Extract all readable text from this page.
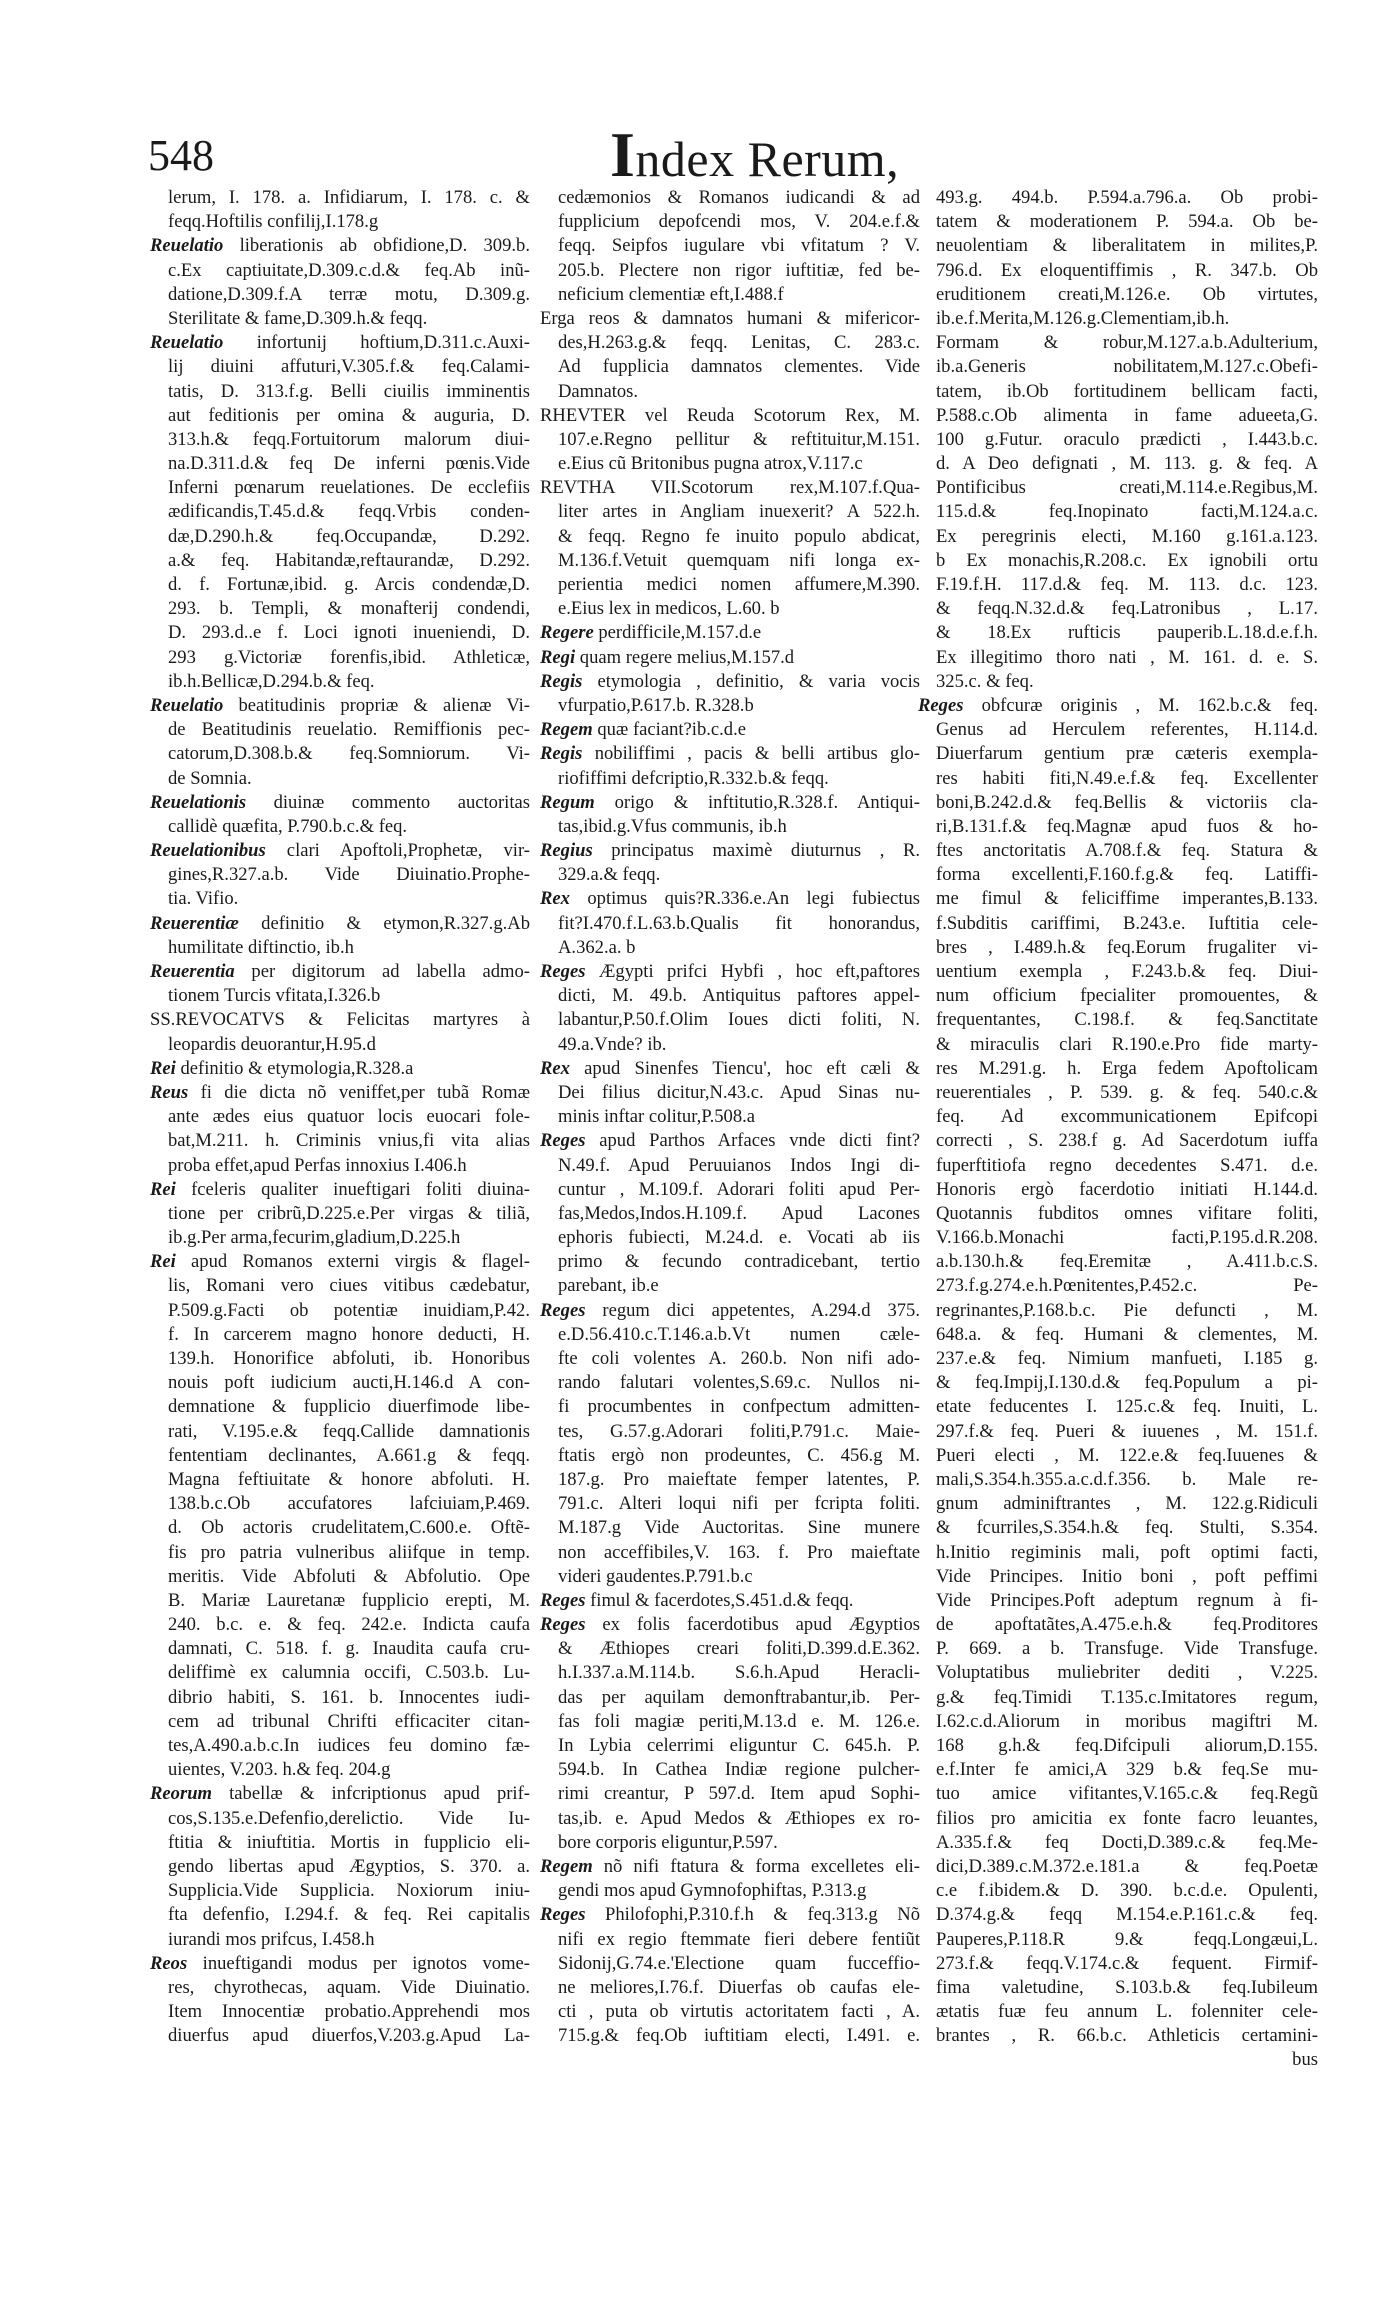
548	Index Rerum,
lerum, I. 178. a. Infidiarum, I. 178. c. &
feqq.Hoftilis confilij,I.178.g
Reuelatio liberationis ab obfidione,D. 309.b.
c.Ex captiuitate,D.309.c.d.& feq.Ab inũ-
datione,D.309.f.A terræ motu, D.309.g.
Sterilitate & fame,D.309.h.& feqq.
Reuelatio infortunij hoftium,D.311.c.Auxi-
lij diuini affuturi,V.305.f.& feq.Calami-
tatis, D. 313.f.g. Belli ciuilis imminentis
aut feditionis per omina & auguria, D.
313.h.& feqq.Fortuitorum malorum diui-
na.D.311.d.& feq De inferni pœnis.Vide
Inferni pœnarum reuelationes. De ecclefiis
ædificandis,T.45.d.& feqq.Vrbis conden-
dæ,D.290.h.& feq.Occupandæ, D.292.
a.& feq. Habitandæ,reftaurandæ, D.292.
d. f. Fortunæ,ibid. g. Arcis condendæ,D.
293. b. Templi, & monafterij condendi,
D. 293.d..e f. Loci ignoti inueniendi, D.
293 g.Victoriæ forenfis,ibid. Athleticæ,
ib.h.Bellicæ,D.294.b.& feq.
Reuelatio beatitudinis propriæ & alienæ Vi-
de Beatitudinis reuelatio. Remiffionis pec-
catorum,D.308.b.& feq.Somniorum. Vi-
de Somnia.
Reuelationis diuinæ commento auctoritas
callidè quæfita, P.790.b.c.& feq.
Reuelationibus clari Apoftoli,Prophetæ, vir-
gines,R.327.a.b. Vide Diuinatio.Prophe-
tia. Vifio.
Reuerentiæ definitio & etymon,R.327.g.Ab
humilitate diftinctio, ib.h
Reuerentia per digitorum ad labella admo-
tionem Turcis vfitata,I.326.b
SS.REVOCATVS & Felicitas martyres à
leopardis deuorantur,H.95.d
Rei definitio & etymologia,R.328.a
Reus fi die dicta nõ veniffet,per tubã Romæ
ante ædes eius quatuor locis euocari fole-
bat,M.211. h. Criminis vnius,fi vita alias
proba effet,apud Perfas innoxius I.406.h
Rei fceleris qualiter inueftigari foliti diuina-
tione per cribrũ,D.225.e.Per virgas & tiliã,
ib.g.Per arma,fecurim,gladium,D.225.h
Rei apud Romanos externi virgis & flagel-
lis, Romani vero ciues vitibus cædebatur,
P.509.g.Facti ob potentiæ inuidiam,P.42.
f. In carcerem magno honore deducti, H.
139.h. Honorifice abfoluti, ib. Honoribus
nouis poft iudicium aucti,H.146.d A con-
demnatione & fupplicio diuerfimode libe-
rati, V.195.e.& feqq.Callide damnationis
fententiam declinantes, A.661.g & feqq.
Magna feftiuitate & honore abfoluti. H.
138.b.c.Ob accufatores lafciuiam,P.469.
d. Ob actoris crudelitatem,C.600.e. Oftẽ-
fis pro patria vulneribus aliifque in temp.
meritis. Vide Abfoluti & Abfolutio. Ope
B. Mariæ Lauretanæ fupplicio erepti, M.
240. b.c. e. & feq. 242.e. Indicta caufa
damnati, C. 518. f. g. Inaudita caufa cru-
deliffimè ex calumnia occifi, C.503.b. Lu-
dibrio habiti, S. 161. b. Innocentes iudi-
cem ad tribunal Chrifti efficaciter citan-
tes,A.490.a.b.c.In iudices feu domino fæ-
uientes, V.203. h.& feq. 204.g
Reorum tabellæ & infcriptionus apud prif-
cos,S.135.e.Defenfio,derelictio. Vide Iu-
ftitia & iniuftitia. Mortis in fupplicio eli-
gendo libertas apud Ægyptios, S. 370. a.
Supplicia.Vide Supplicia. Noxiorum iniu-
fta defenfio, I.294.f. & feq. Rei capitalis
iurandi mos prifcus, I.458.h
Reos inueftigandi modus per ignotos vome-
res, chyrothecas, aquam. Vide Diuinatio.
Item Innocentiæ probatio.Apprehendi mos
diuerfus apud diuerfos,V.203.g.Apud La-
cedæmonios & Romanos iudicandi & ad
fupplicium depofcendi mos, V. 204.e.f.&
feqq. Seipfos iugulare vbi vfitatum ? V.
205.b. Plectere non rigor iuftitiæ, fed be-
neficium clementiæ eft,I.488.f
Erga reos & damnatos humani & mifericor-
des,H.263.g.& feqq. Lenitas, C. 283.c.
Ad fupplicia damnatos clementes. Vide
Damnatos.
RHEVTER vel Reuda Scotorum Rex, M.
107.e.Regno pellitur & reftituitur,M.151.
e.Eius cũ Britonibus pugna atrox,V.117.c
REVTHA VII.Scotorum rex,M.107.f.Qua-
liter artes in Angliam inuexerit? A 522.h.
& feqq. Regno fe inuito populo abdicat,
M.136.f.Vetuit quemquam nifi longa ex-
perientia medici nomen affumere,M.390.
e.Eius lex in medicos, L.60. b
Regere perdifficile,M.157.d.e
Regi quam regere melius,M.157.d
Regis etymologia , definitio, & varia vocis
vfurpatio,P.617.b. R.328.b
Regem quæ faciant?ib.c.d.e
Regis nobiliffimi , pacis & belli artibus glo-
riofiffimi defcriptio,R.332.b.& feqq.
Regum origo & inftitutio,R.328.f. Antiqui-
tas,ibid.g.Vfus communis, ib.h
Regius principatus maximè diuturnus , R.
329.a.& feqq.
Rex optimus quis?R.336.e.An legi fubiectus
fit?I.470.f.L.63.b.Qualis fit honorandus,
A.362.a. b
Reges Ægypti prifci Hybfi , hoc eft,paftores
dicti, M. 49.b. Antiquitus paftores appel-
labantur,P.50.f.Olim Ioues dicti foliti, N.
49.a.Vnde? ib.
Rex apud Sinenfes Tiencu', hoc eft cæli &
Dei filius dicitur,N.43.c. Apud Sinas nu-
minis inftar colitur,P.508.a
Reges apud Parthos Arfaces vnde dicti fint?
N.49.f. Apud Peruuianos Indos Ingi di-
cuntur , M.109.f. Adorari foliti apud Per-
fas,Medos,Indos.H.109.f. Apud Lacones
ephoris fubiecti, M.24.d. e. Vocati ab iis
primo & fecundo contradicebant, tertio
parebant, ib.e
Reges regum dici appetentes, A.294.d 375.
e.D.56.410.c.T.146.a.b.Vt numen cæle-
fte coli volentes A. 260.b. Non nifi ado-
rando falutari volentes,S.69.c. Nullos ni-
fi procumbentes in confpectum admitten-
tes, G.57.g.Adorari foliti,P.791.c. Maie-
ftatis ergò non prodeuntes, C. 456.g M.
187.g. Pro maieftate femper latentes, P.
791.c. Alteri loqui nifi per fcripta foliti.
M.187.g Vide Auctoritas. Sine munere
non acceffibiles,V. 163. f. Pro maieftate
videri gaudentes.P.791.b.c
Reges fimul & facerdotes,S.451.d.& feqq.
Reges ex folis facerdotibus apud Ægyptios
& Æthiopes creari foliti,D.399.d.E.362.
h.I.337.a.M.114.b. S.6.h.Apud Heracli-
das per aquilam demonftrabantur,ib. Per-
fas foli magiæ periti,M.13.d e. M. 126.e.
In Lybia celerrimi eliguntur C. 645.h. P.
594.b. In Cathea Indiæ regione pulcher-
rimi creantur, P 597.d. Item apud Sophi-
tas,ib. e. Apud Medos & Æthiopes ex ro-
bore corporis eliguntur,P.597.
Regem nõ nifi ftatura & forma excelletes eli-
gendi mos apud Gymnofophiftas, P.313.g
Reges Philofophi,P.310.f.h & feq.313.g Nõ
nifi ex regio ftemmate fieri debere fentiũt
Sidonij,G.74.e.'Electione quam fucceffio-
ne meliores,I.76.f. Diuerfas ob caufas ele-
cti , puta ob virtutis actoritatem facti , A.
715.g.& feq.Ob iuftitiam electi, I.491. e.
493.g. 494.b. P.594.a.796.a. Ob probi-
tatem & moderationem P. 594.a. Ob be-
neuolentiam & liberalitatem in milites,P.
796.d. Ex eloquentiffimis , R. 347.b. Ob
eruditionem creati,M.126.e. Ob virtutes,
ib.e.f.Merita,M.126.g.Clementiam,ib.h.
Formam & robur,M.127.a.b.Adulterium,
ib.a.Generis nobilitatem,M.127.c.Obefi-
tatem, ib.Ob fortitudinem bellicam facti,
P.588.c.Ob alimenta in fame adueeta,G.
100 g.Futur. oraculo prædicti , I.443.b.c.
d. A Deo defignati , M. 113. g. & feq. A
Pontificibus creati,M.114.e.Regibus,M.
115.d.& feq.Inopinato facti,M.124.a.c.
Ex peregrinis electi, M.160 g.161.a.123.
b Ex monachis,R.208.c. Ex ignobili ortu
F.19.f.H. 117.d.& feq. M. 113. d.c. 123.
& feqq.N.32.d.& feq.Latronibus , L.17.
& 18.Ex rufticis pauperib.L.18.d.e.f.h.
Ex illegitimo thoro nati , M. 161. d. e. S.
325.c. & feq.
Reges obfcuræ originis , M. 162.b.c.& feq.
Genus ad Herculem referentes, H.114.d.
Diuerfarum gentium præ cæteris exempla-
res habiti fiti,N.49.e.f.& feq. Excellenter
boni,B.242.d.& feq.Bellis & victoriis cla-
ri,B.131.f.& feq.Magnæ apud fuos & ho-
ftes anctoritatis A.708.f.& feq. Statura &
forma excellenti,F.160.f.g.& feq. Latiffi-
me fimul & feliciffime imperantes,B.133.
f.Subditis cariffimi, B.243.e. Iuftitia cele-
bres , I.489.h.& feq.Eorum frugaliter vi-
uentium exempla , F.243.b.& feq. Diui-
num officium fpecialiter promouentes, &
frequentantes, C.198.f. & feq.Sanctitate
& miraculis clari R.190.e.Pro fide marty-
res M.291.g. h. Erga fedem Apoftolicam
reuerentiales , P. 539. g. & feq. 540.c.&
feq. Ad excommunicationem Epifcopi
correcti , S. 238.f g. Ad Sacerdotum iuffa
fuperftitiofa regno decedentes S.471. d.e.
Honoris ergò facerdotio initiati H.144.d.
Quotannis fubditos omnes vifitare foliti,
V.166.b.Monachi facti,P.195.d.R.208.
a.b.130.h.& feq.Eremitæ , A.411.b.c.S.
273.f.g.274.e.h.Pœnitentes,P.452.c. Pe-
regrinantes,P.168.b.c. Pie defuncti , M.
648.a. & feq. Humani & clementes, M.
237.e.& feq. Nimium manfueti, I.185 g.
& feq.Impij,I.130.d.& feq.Populum a pi-
etate feducentes I. 125.c.& feq. Inuiti, L.
297.f.& feq. Pueri & iuuenes , M. 151.f.
Pueri electi , M. 122.e.& feq.Iuuenes &
mali,S.354.h.355.a.c.d.f.356. b. Male re-
gnum adminiftrantes , M. 122.g.Ridiculi
& fcurriles,S.354.h.& feq. Stulti, S.354.
h.Initio regiminis mali, poft optimi facti,
Vide Principes. Initio boni , poft peffimi
Vide Principes.Poft adeptum regnum à fi-
de apoftatãtes,A.475.e.h.& feq.Proditores
P. 669. a b. Transfuge. Vide Transfuge.
Voluptatibus muliebriter dediti , V.225.
g.& feq.Timidi T.135.c.Imitatores regum,
I.62.c.d.Aliorum in moribus magiftri M.
168 g.h.& feq.Difcipuli aliorum,D.155.
e.f.Inter fe amici,A 329 b.& feq.Se mu-
tuo amice vifitantes,V.165.c.& feq.Regũ
filios pro amicitia ex fonte facro leuantes,
A.335.f.& feq Docti,D.389.c.& feq.Me-
dici,D.389.c.M.372.e.181.a & feq.Poetæ
c.e f.ibidem.& D. 390. b.c.d.e. Opulenti,
D.374.g.& feqq M.154.e.P.161.c.& feq.
Pauperes,P.118.R 9.& feqq.Longæui,L.
273.f.& feqq.V.174.c.& fequent. Firmif-
fima valetudine, S.103.b.& feq.Iubileum
ætatis fuæ feu annum L. folenniter cele-
brantes , R. 66.b.c. Athleticis certamini-
bus
